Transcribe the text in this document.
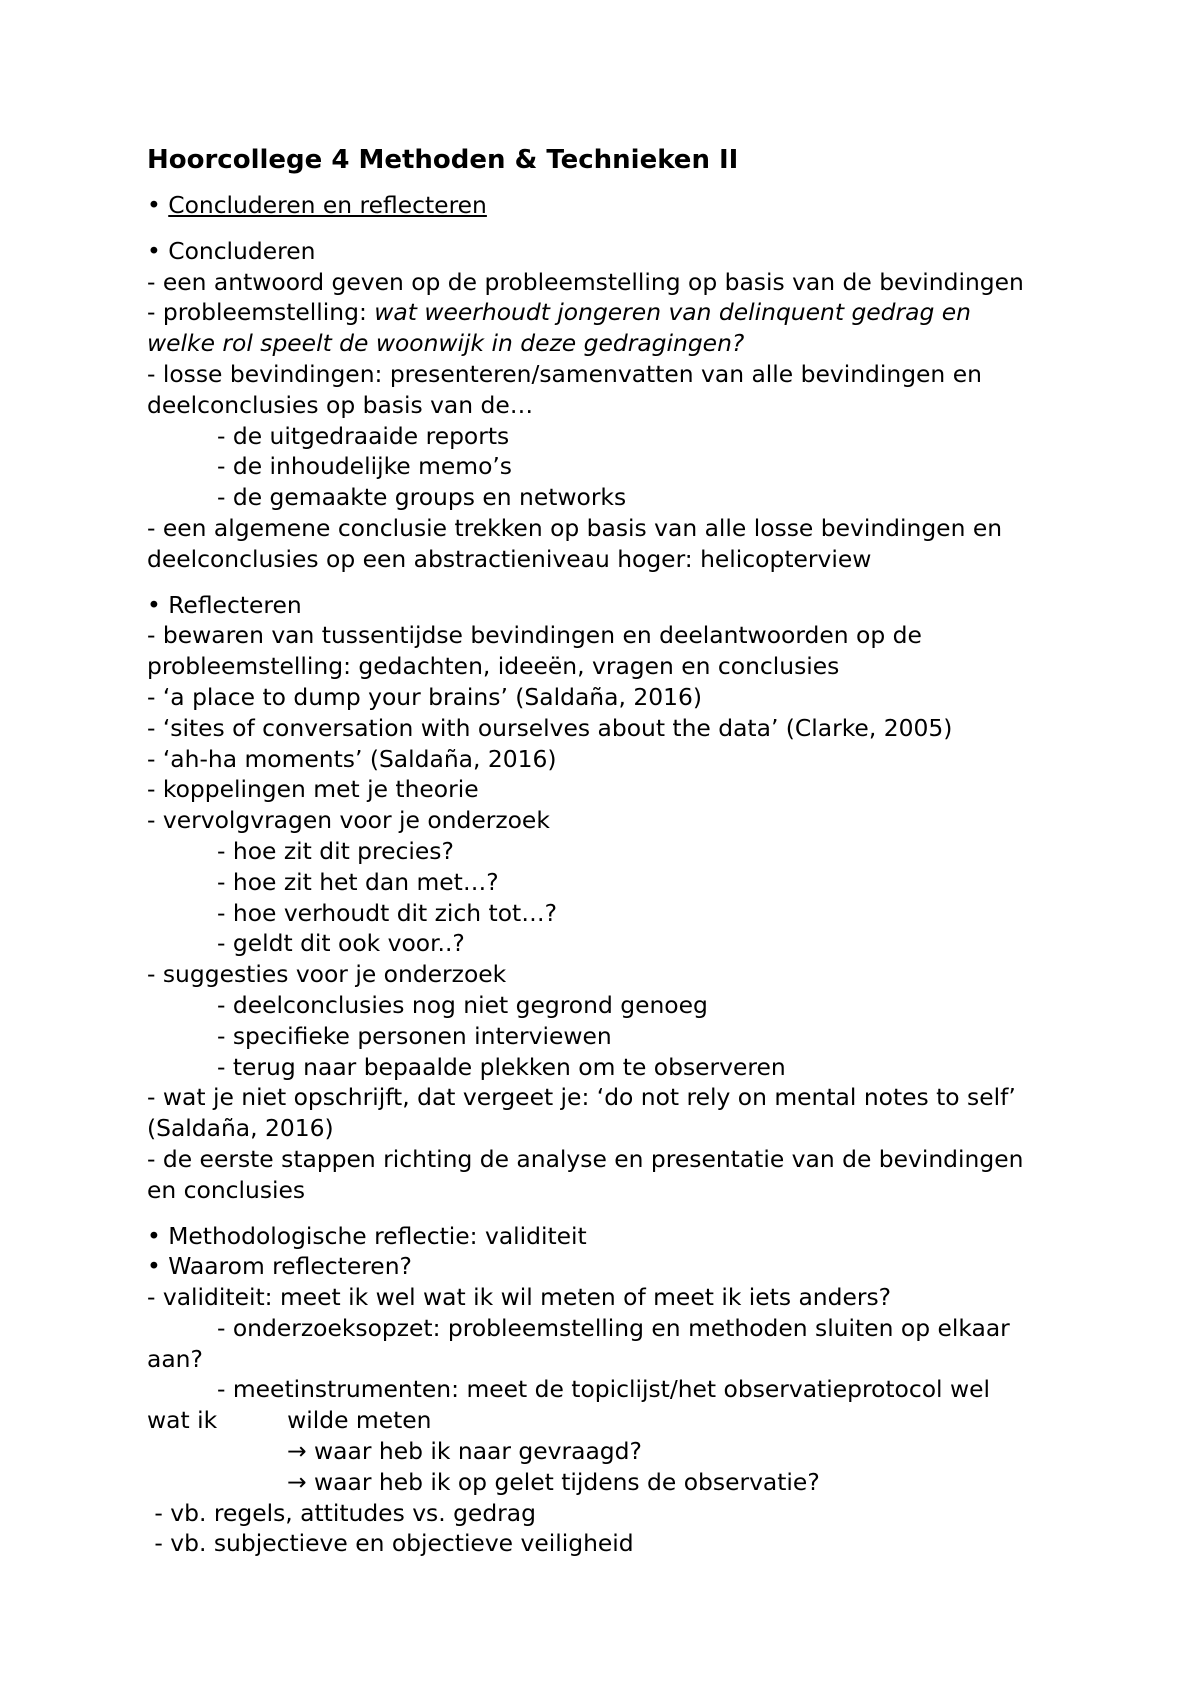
Hoorcollege 4 Methoden & Technieken II
• Concluderen en reflecteren
• Concluderen
- een antwoord geven op de probleemstelling op basis van de bevindingen
- probleemstelling: wat weerhoudt jongeren van delinquent gedrag en
welke rol speelt de woonwijk in deze gedragingen?
- losse bevindingen: presenteren/samenvatten van alle bevindingen en
deelconclusies op basis van de…
- de uitgedraaide reports
- de inhoudelijke memo’s
- de gemaakte groups en networks
- een algemene conclusie trekken op basis van alle losse bevindingen en
deelconclusies op een abstractieniveau hoger: helicopterview
• Reflecteren
- bewaren van tussentijdse bevindingen en deelantwoorden op de
probleemstelling: gedachten, ideeën, vragen en conclusies
- ‘a place to dump your brains’ (Saldaña, 2016)
- ‘sites of conversation with ourselves about the data’ (Clarke, 2005)
- ‘ah-ha moments’ (Saldaña, 2016)
- koppelingen met je theorie
- vervolgvragen voor je onderzoek
- hoe zit dit precies?
- hoe zit het dan met…?
- hoe verhoudt dit zich tot…?
- geldt dit ook voor..?
- suggesties voor je onderzoek
- deelconclusies nog niet gegrond genoeg
- specifieke personen interviewen
- terug naar bepaalde plekken om te observeren
- wat je niet opschrijft, dat vergeet je: ‘do not rely on mental notes to self’
(Saldaña, 2016)
- de eerste stappen richting de analyse en presentatie van de bevindingen
en conclusies
• Methodologische reflectie: validiteit
• Waarom reflecteren?
- validiteit: meet ik wel wat ik wil meten of meet ik iets anders?
- onderzoeksopzet: probleemstelling en methoden sluiten op elkaar
aan?
- meetinstrumenten: meet de topiclijst/het observatieprotocol wel
wat ik	wilde meten
→ waar heb ik naar gevraagd?
→ waar heb ik op gelet tijdens de observatie?
- vb. regels, attitudes vs. gedrag
- vb. subjectieve en objectieve veiligheid
